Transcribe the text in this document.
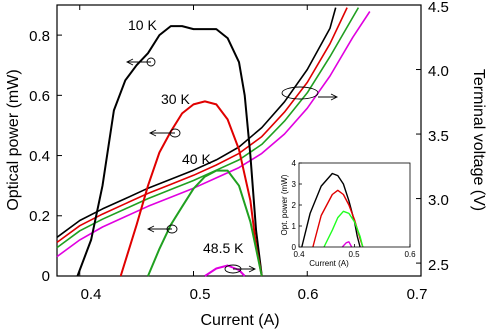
0
0.2
0.4
0.6
0.8
2.5
3.0
3.5
4.0
4.5
0.4	0.5	0.6	0.7
Current (A)
Optical power (mW)	Terminal voltage (V)
10 K
30 K
40 K
48.5 K	0
1
2
3
4
0.4	0.5	0.6
Current (A)
Opt. power (mW)
